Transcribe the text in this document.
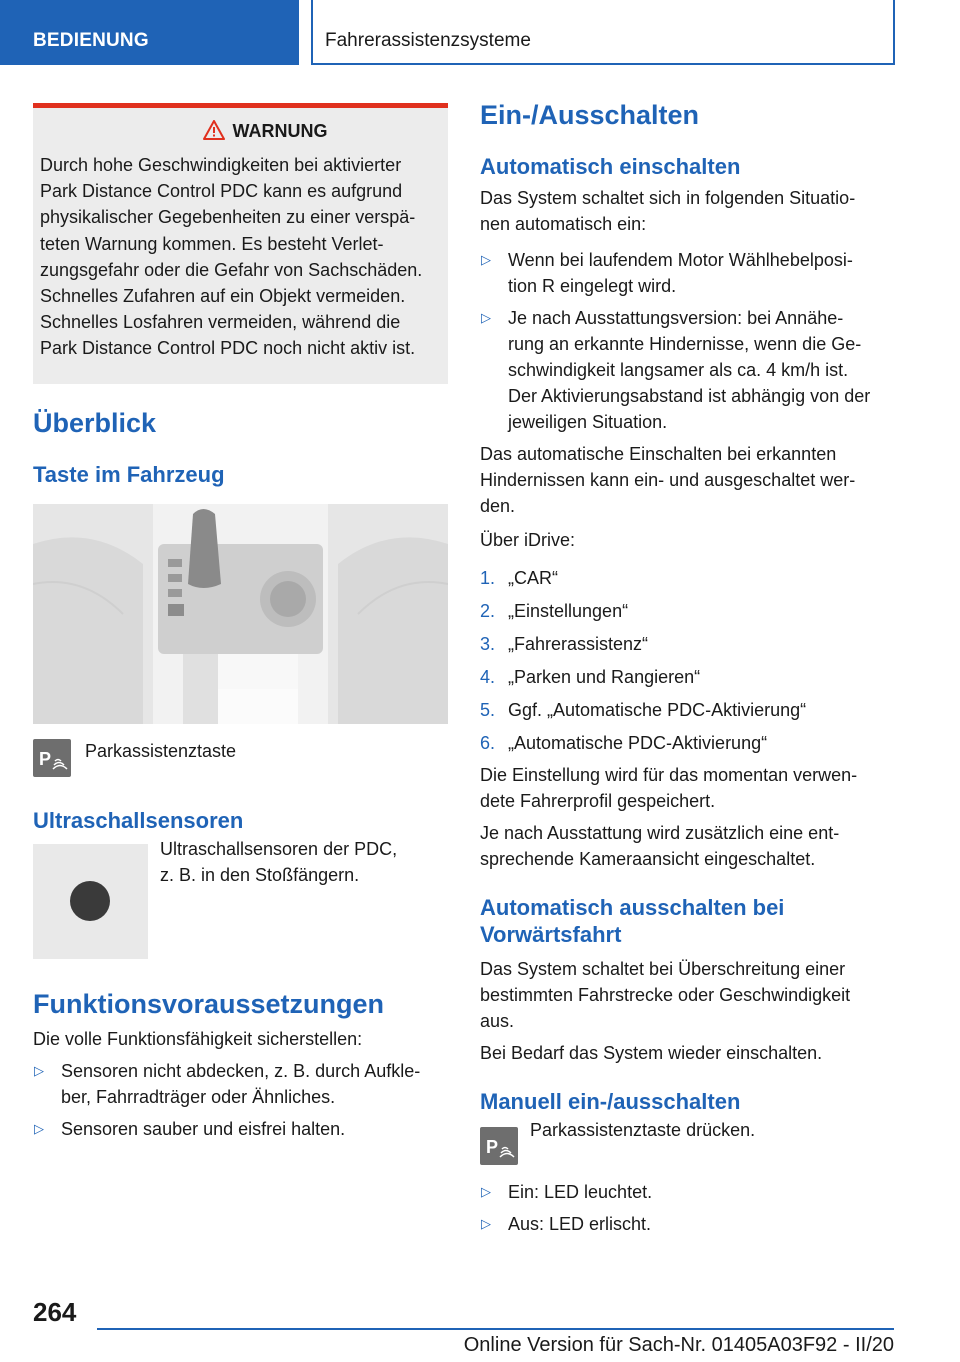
BEDIENUNG	Fahrerassistenzsysteme
WARNUNG
Durch hohe Geschwindigkeiten bei aktivierter
Park Distance Control PDC kann es aufgrund
physikalischer Gegebenheiten zu einer verspä-
teten Warnung kommen. Es besteht Verlet-
zungsgefahr oder die Gefahr von Sachschäden.
Schnelles Zufahren auf ein Objekt vermeiden.
Schnelles Losfahren vermeiden, während die
Park Distance Control PDC noch nicht aktiv ist.
Überblick
Taste im Fahrzeug
P Parkassistenztaste
Ultraschallsensoren

Ultraschallsensoren der PDC,

z. B. in den Stoßfängern.

Funktionsvoraussetzungen

Die volle Funktionsfähigkeit sicherstellen:

▷ Sensoren nicht abdecken, z. B. durch Aufkle-
ber, Fahrradträger oder Ähnliches.
▷ Sensoren sauber und eisfrei halten.
Ein-/Ausschalten
Automatisch einschalten

Das System schaltet sich in folgenden Situatio-
nen automatisch ein:

▷ Wenn bei laufendem Motor Wählhebelposi-
tion R eingelegt wird.
▷ Je nach Ausstattungsversion: bei Annähe-
rung an erkannte Hindernisse, wenn die Ge-
schwindigkeit langsamer als ca. 4 km/h ist.
Der Aktivierungsabstand ist abhängig von der
jeweiligen Situation.

Das automatische Einschalten bei erkannten
Hindernissen kann ein- und ausgeschaltet wer-
den.

Über iDrive:

1. „CAR“
2. „Einstellungen“
3. „Fahrerassistenz“
4. „Parken und Rangieren“
5. Ggf. „Automatische PDC-Aktivierung“
6. „Automatische PDC-Aktivierung“

Die Einstellung wird für das momentan verwen-
dete Fahrerprofil gespeichert.

Je nach Ausstattung wird zusätzlich eine ent-
sprechende Kameraansicht eingeschaltet.

Automatisch ausschalten bei
Vorwärtsfahrt

Das System schaltet bei Überschreitung einer
bestimmten Fahrstrecke oder Geschwindigkeit
aus.

Bei Bedarf das System wieder einschalten.

Manuell ein-/ausschalten
P

Parkassistenztaste drücken.

▷ Ein: LED leuchtet.
▷ Aus: LED erlischt.
264
Online Version für Sach-Nr. 01405A03F92 - II/20
